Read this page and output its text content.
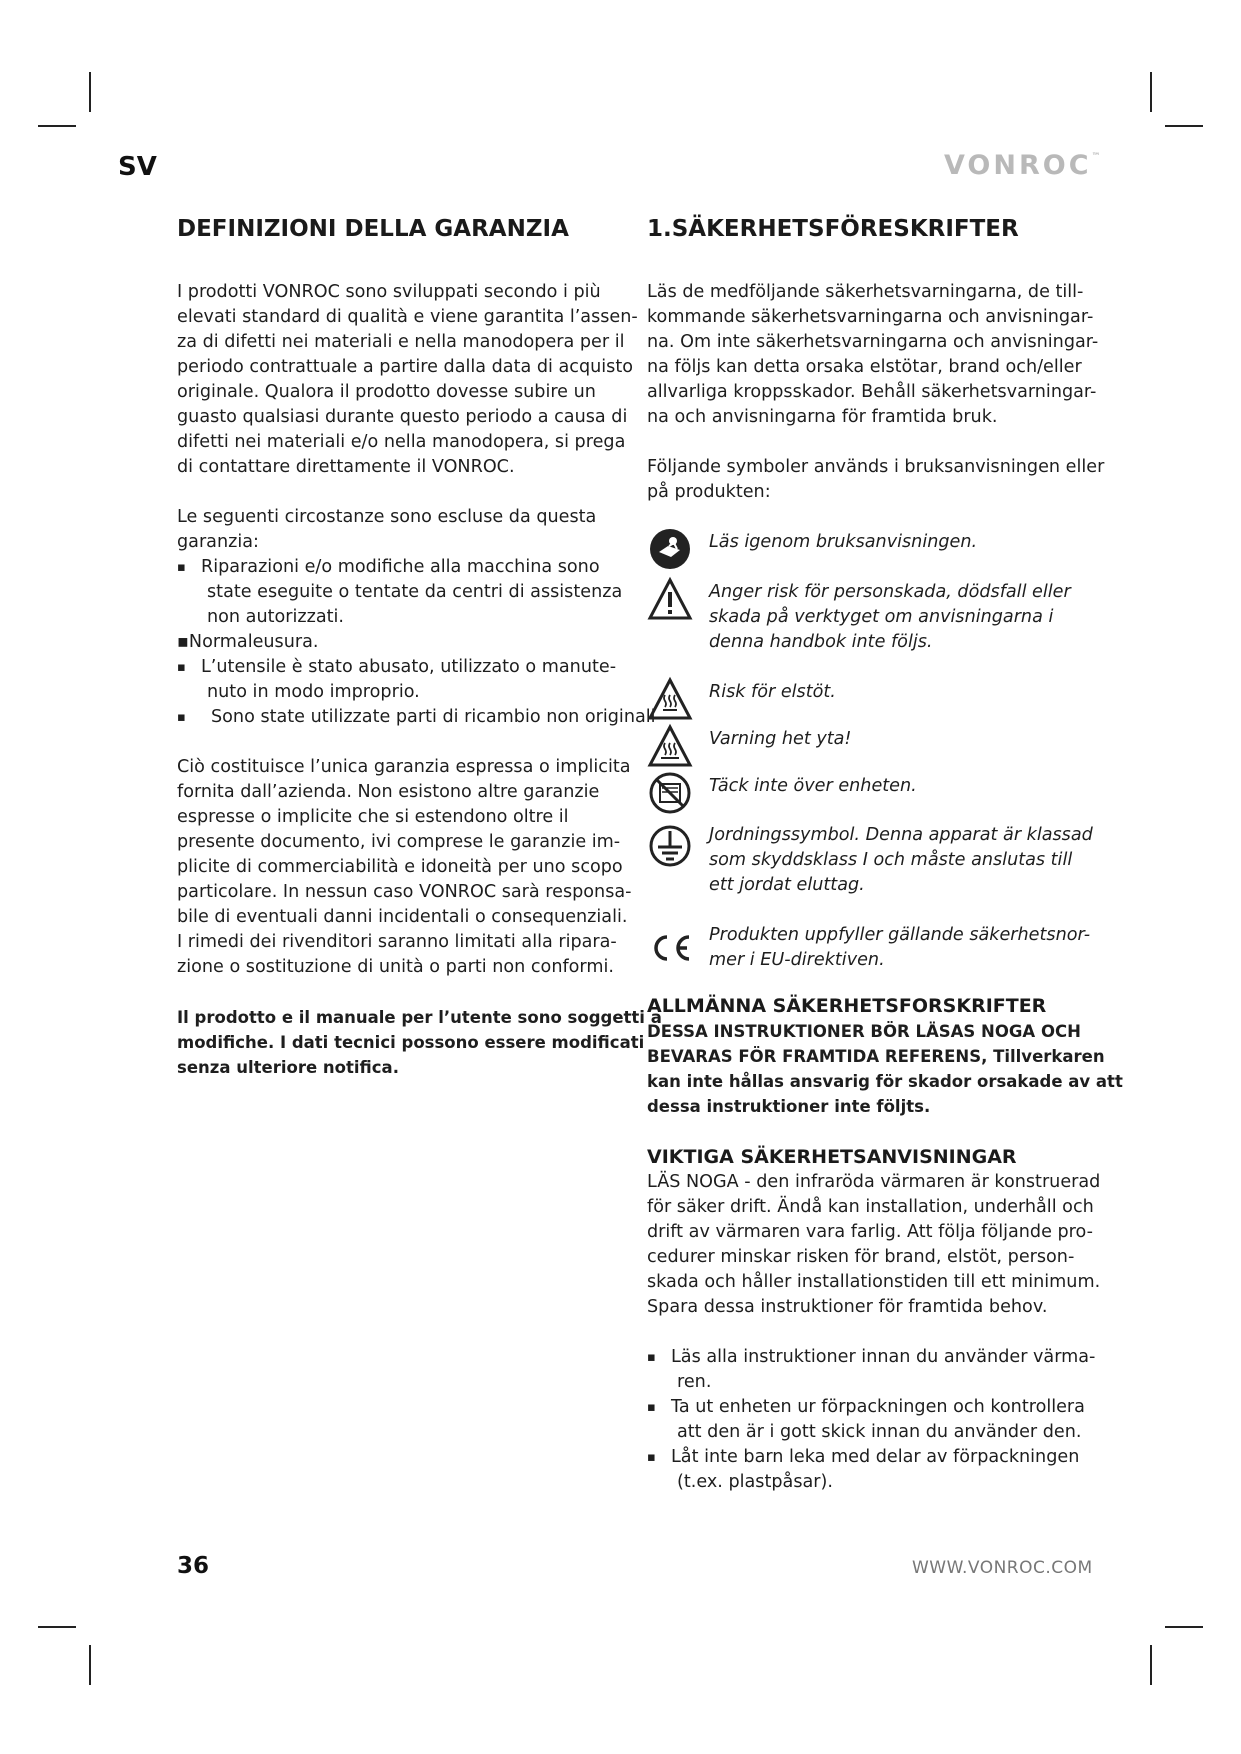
SV	VONROC™
DEFINIZIONI DELLA GARANZIA

I prodotti VONROC sono sviluppati secondo i più
elevati standard di qualità e viene garantita l’assen-
za di difetti nei materiali e nella manodopera per il
periodo contrattuale a partire dalla data di acquisto
originale. Qualora il prodotto dovesse subire un
guasto qualsiasi durante questo periodo a causa di
difetti nei materiali e/o nella manodopera, si prega
di contattare direttamente il VONROC.

Le seguenti circostanze sono escluse da questa
garanzia:

▪ Riparazioni e/o modifiche alla macchina sono
state eseguite o tentate da centri di assistenza
non autorizzati.
▪Normaleusura.
▪ L’utensile è stato abusato, utilizzato o manute-
nuto in modo improprio.
▪ Sono state utilizzate parti di ricambio non originali

Ciò costituisce l’unica garanzia espressa o implicita
fornita dall’azienda. Non esistono altre garanzie
espresse o implicite che si estendono oltre il
presente documento, ivi comprese le garanzie im-
plicite di commerciabilità e idoneità per uno scopo
particolare. In nessun caso VONROC sarà responsa-
bile di eventuali danni incidentali o consequenziali.
I rimedi dei rivenditori saranno limitati alla ripara-
zione o sostituzione di unità o parti non conformi.

Il prodotto e il manuale per l’utente sono soggetti a
modifiche. I dati tecnici possono essere modificati
senza ulteriore notifica.

1.SÄKERHETSFÖRESKRIFTER

Läs de medföljande säkerhetsvarningarna, de till-
kommande säkerhetsvarningarna och anvisningar-
na. Om inte säkerhetsvarningarna och anvisningar-
na följs kan detta orsaka elstötar, brand och/eller
allvarliga kroppsskador. Behåll säkerhetsvarningar-
na och anvisningarna för framtida bruk.

Följande symboler används i bruksanvisningen eller
på produkten:

Läs igenom bruksanvisningen.
Anger risk för personskada, dödsfall eller
skada på verktyget om anvisningarna i
denna handbok inte följs.
Risk för elstöt.
Varning het yta!
Täck inte över enheten.
Jordningssymbol. Denna apparat är klassad
som skyddsklass I och måste anslutas till
ett jordat eluttag.
Produkten uppfyller gällande säkerhetsnor-
mer i EU-direktiven.
ALLMÄNNA SÄKERHETSFORSKRIFTER

DESSA INSTRUKTIONER BÖR LÄSAS NOGA OCH
BEVARAS FÖR FRAMTIDA REFERENS, Tillverkaren
kan inte hållas ansvarig för skador orsakade av att
dessa instruktioner inte följts.

VIKTIGA SÄKERHETSANVISNINGAR

LÄS NOGA - den infraröda värmaren är konstruerad
för säker drift. Ändå kan installation, underhåll och
drift av värmaren vara farlig. Att följa följande pro-
cedurer minskar risken för brand, elstöt, person-
skada och håller installationstiden till ett minimum.
Spara dessa instruktioner för framtida behov.

▪ Läs alla instruktioner innan du använder värma-
ren.
▪ Ta ut enheten ur förpackningen och kontrollera
att den är i gott skick innan du använder den.
▪ Låt inte barn leka med delar av förpackningen
(t.ex. plastpåsar).
36	WWW.VONROC.COM
